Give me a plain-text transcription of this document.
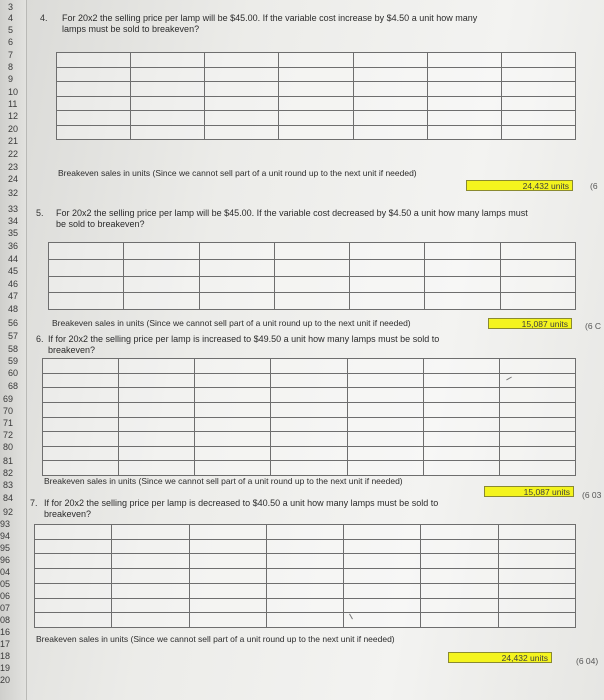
3
4
5
6
7
8
9
10
11
12
20
21
22
23
24
32
33
34
35
36
44
45
46
47
48
56
57
58
59
60
68
69
70
71
72
80
81
82
83
84
92
93
94
95
96
04
05
06
07
08
16
17
18
19
20
4. For 20x2 the selling price per lamp will be $45.00. If the variable cost increase by $4.50 a unit how many lamps must be sold to breakeven?

Breakeven sales in units (Since we cannot sell part of a unit round up to the next unit if needed)
24,432 units	(6
5. For 20x2 the selling price per lamp will be $45.00. If the variable cost decreased by $4.50 a unit how many lamps must be sold to breakeven?

Breakeven sales in units (Since we cannot sell part of a unit round up to the next unit if needed)	15,087 units	(6 C
6. If for 20x2 the selling price per lamp is increased to $49.50 a unit how many lamps must be sold to breakeven?

Breakeven sales in units (Since we cannot sell part of a unit round up to the next unit if needed)
15,087 units	(6 03
7. If for 20x2 the selling price per lamp is decreased to $40.50 a unit how many lamps must be sold to breakeven?

Breakeven sales in units (Since we cannot sell part of a unit round up to the next unit if needed)
24,432 units	(6 04)
